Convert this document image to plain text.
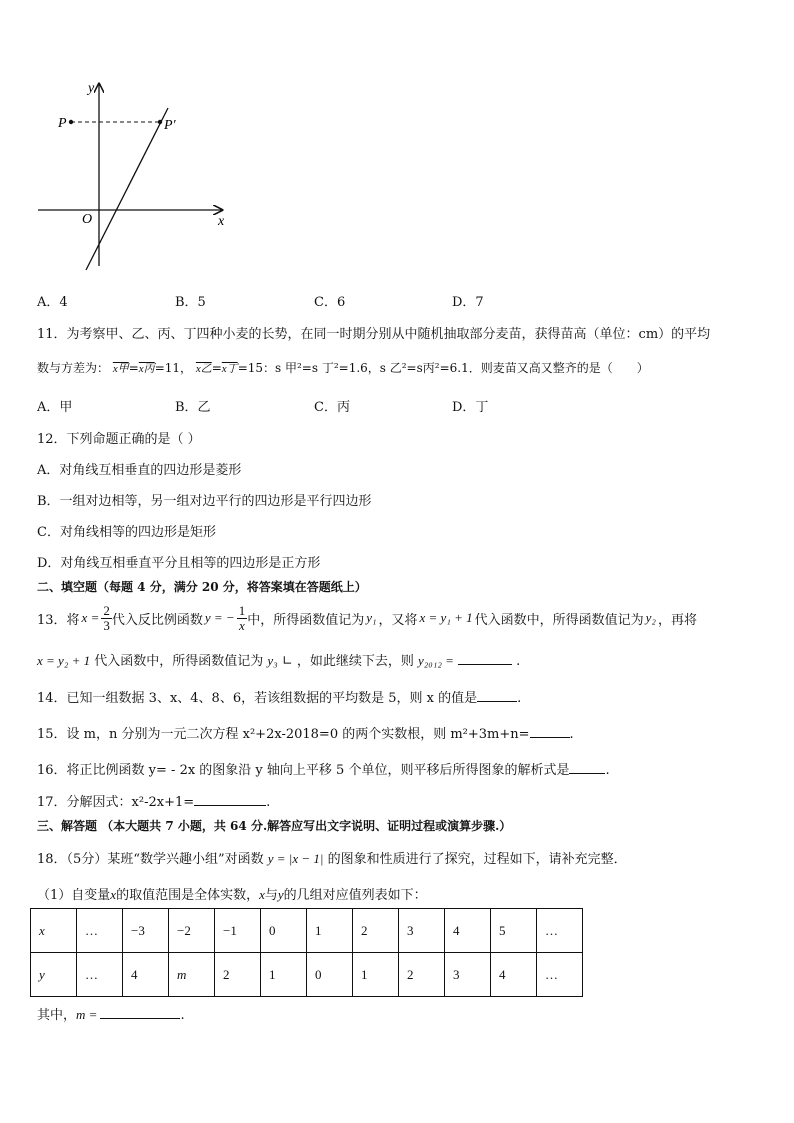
y
x
O
P	P′
A．4	B．5	C．6	D．7
11．为考察甲、乙、丙、丁四种小麦的长势，在同一时期分别从中随机抽取部分麦苗，获得苗高（单位：cm）的平均
数与方差为： x甲=x丙=11， x乙=x丁=15：s 甲²=s 丁²=1.6，s 乙²=s丙²=6.1．则麦苗又高又整齐的是（　　）
A．甲	B．乙	C．丙	D．丁
12．下列命题正确的是（ ）
A．对角线互相垂直的四边形是菱形
B．一组对边相等，另一组对边平行的四边形是平行四边形
C．对角线相等的四边形是矩形
D．对角线互相垂直平分且相等的四边形是正方形
二、填空题（每题 4 分，满分 20 分，将答案填在答题纸上）
13．将 $x = \frac{2}{3}$ 代入反比例函数 y = − $\frac{1}{x}$ 中，所得函数值记为 y₁ ，又将 x = y₁ + 1 代入函数中，所得函数值记为 y₂ ，再将
x = y₂ + 1 代入函数中，所得函数值记为 y₃ ∟ ，如此继续下去，则 y₂₀₁₂ =	.
14．已知一组数据 3、x、4、8、6，若该组数据的平均数是 5，则 x 的值是	.
15．设 m，n 分别为一元二次方程 x²+2x-2018=0 的两个实数根，则 m²+3m+n=	.
16．将正比例函数 y= - 2x 的图象沿 y 轴向上平移 5 个单位，则平移后所得图象的解析式是	.
17．分解因式：x²-2x+1=	.
三、解答题 （本大题共 7 小题，共 64 分.解答应写出文字说明、证明过程或演算步骤.）
18．（5分）某班“数学兴趣小组”对函数 y = |x − 1| 的图象和性质进行了探究，过程如下，请补充完整．
（1）自变量x的取值范围是全体实数，x与y的几组对应值列表如下：
x	…	−3	−2	−1	0	1	2	3	4	5	…
y	…	4	m	2	1	0	1	2	3	4	…
其中，m =	.
